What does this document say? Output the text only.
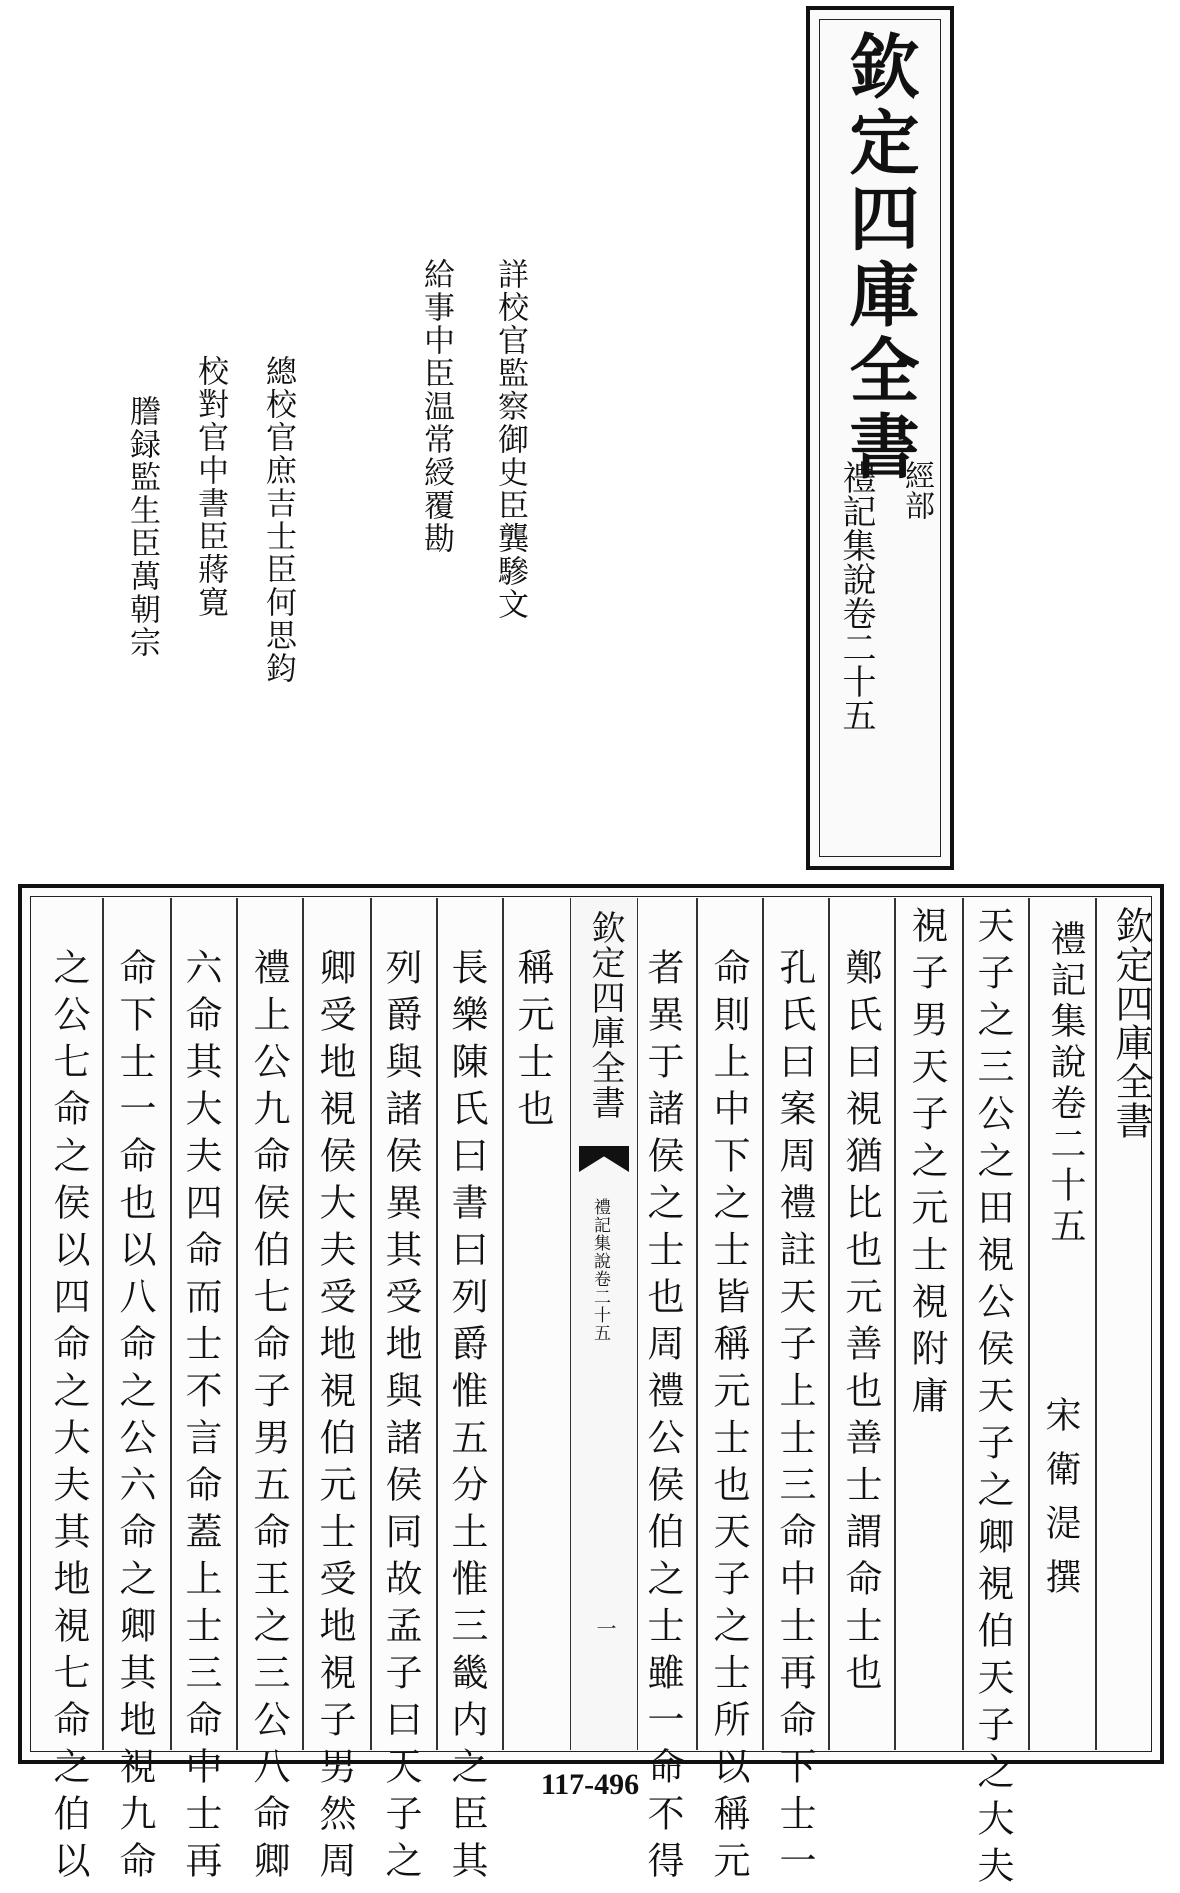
欽定四庫全書
經部
禮記集說卷二十五
詳校官監察御史臣龔驂文
給事中臣温常綬覆勘
總校官庶吉士臣何思鈞
校對官中書臣蔣寛
謄録監生臣萬朝宗
欽定四庫全書
禮記集說卷二十五
宋衛湜撰
天子之三公之田視公侯天子之卿視伯天子之大夫
視子男天子之元士視附庸
鄭氏曰視猶比也元善也善士謂命士也
孔氏曰案周禮註天子上士三命中士再命下士一
命則上中下之士皆稱元士也天子之士所以稱元
者異于諸侯之士也周禮公侯伯之士雖一命不得
欽定四庫全書
禮記集說卷二十五
一
稱元士也
長樂陳氏曰書曰列爵惟五分土惟三畿内之臣其
列爵與諸侯異其受地與諸侯同故孟子曰天子之
卿受地視侯大夫受地視伯元士受地視子男然周
禮上公九命侯伯七命子男五命王之三公八命卿
六命其大夫四命而士不言命蓋上士三命中士再
命下士一命也以八命之公六命之卿其地視九命
之公七命之侯以四命之大夫其地視七命之伯以	117-496
